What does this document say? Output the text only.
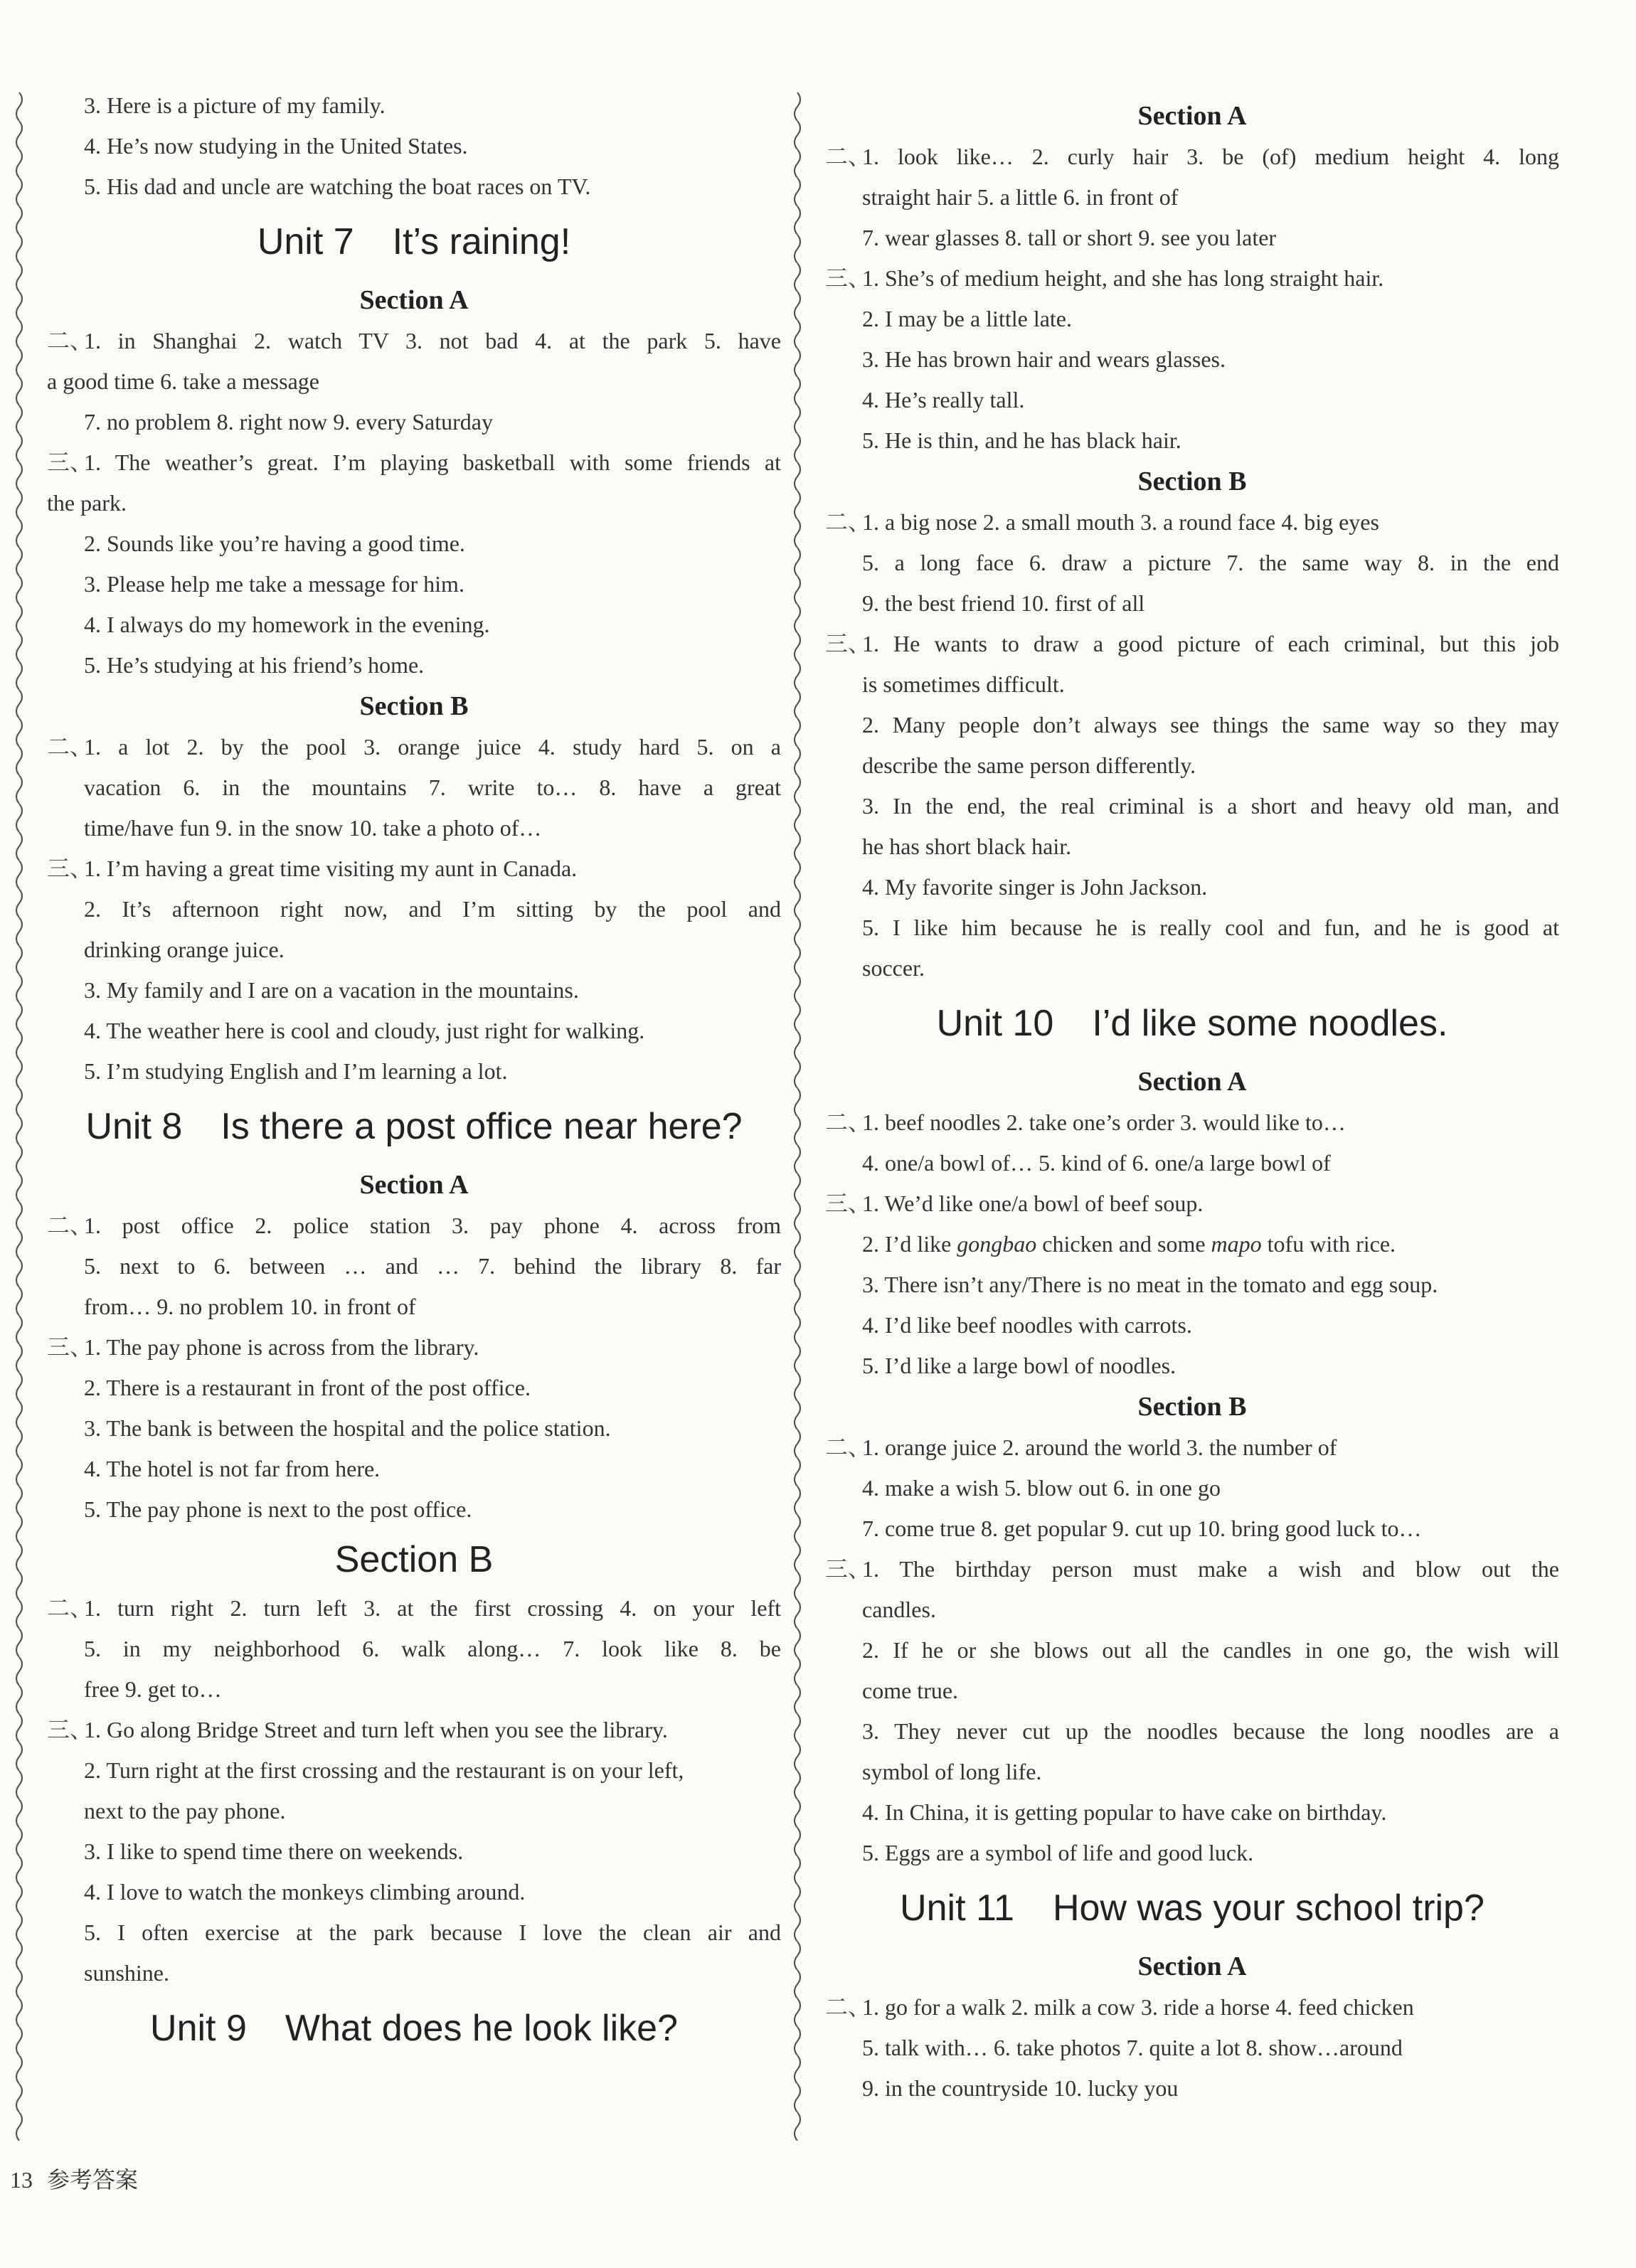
3. Here is a picture of my family.
4. He’s now studying in the United States.
5. His dad and uncle are watching the boat races on TV.
Unit 7 It’s raining!
Section A
二、1. in Shanghai 2. watch TV 3. not bad 4. at the park 5. have
a good time 6. take a message
7. no problem 8. right now 9. every Saturday
三、1. The weather’s great. I’m playing basketball with some friends at
the park.
2. Sounds like you’re having a good time.
3. Please help me take a message for him.
4. I always do my homework in the evening.
5. He’s studying at his friend’s home.
Section B
二、1. a lot 2. by the pool 3. orange juice 4. study hard 5. on a
vacation 6. in the mountains 7. write to… 8. have a great
time/have fun 9. in the snow 10. take a photo of…
三、1. I’m having a great time visiting my aunt in Canada.
2. It’s afternoon right now, and I’m sitting by the pool and
drinking orange juice.
3. My family and I are on a vacation in the mountains.
4. The weather here is cool and cloudy, just right for walking.
5. I’m studying English and I’m learning a lot.
Unit 8 Is there a post office near here?
Section A
二、1. post office 2. police station 3. pay phone 4. across from
5. next to 6. between … and … 7. behind the library 8. far
from… 9. no problem 10. in front of
三、1. The pay phone is across from the library.
2. There is a restaurant in front of the post office.
3. The bank is between the hospital and the police station.
4. The hotel is not far from here.
5. The pay phone is next to the post office.
Section B
二、1. turn right 2. turn left 3. at the first crossing 4. on your left
5. in my neighborhood 6. walk along… 7. look like 8. be
free 9. get to…
三、1. Go along Bridge Street and turn left when you see the library.
2. Turn right at the first crossing and the restaurant is on your left,
next to the pay phone.
3. I like to spend time there on weekends.
4. I love to watch the monkeys climbing around.
5. I often exercise at the park because I love the clean air and
sunshine.
Unit 9 What does he look like?
Section A
二、1. look like… 2. curly hair 3. be (of) medium height 4. long
straight hair 5. a little 6. in front of
7. wear glasses 8. tall or short 9. see you later
三、1. She’s of medium height, and she has long straight hair.
2. I may be a little late.
3. He has brown hair and wears glasses.
4. He’s really tall.
5. He is thin, and he has black hair.
Section B
二、1. a big nose 2. a small mouth 3. a round face 4. big eyes
5. a long face 6. draw a picture 7. the same way 8. in the end
9. the best friend 10. first of all
三、1. He wants to draw a good picture of each criminal, but this job
is sometimes difficult.
2. Many people don’t always see things the same way so they may
describe the same person differently.
3. In the end, the real criminal is a short and heavy old man, and
he has short black hair.
4. My favorite singer is John Jackson.
5. I like him because he is really cool and fun, and he is good at
soccer.
Unit 10 I’d like some noodles.
Section A
二、1. beef noodles 2. take one’s order 3. would like to…
4. one/a bowl of… 5. kind of 6. one/a large bowl of
三、1. We’d like one/a bowl of beef soup.
2. I’d like gongbao chicken and some mapo tofu with rice.
3. There isn’t any/There is no meat in the tomato and egg soup.
4. I’d like beef noodles with carrots.
5. I’d like a large bowl of noodles.
Section B
二、1. orange juice 2. around the world 3. the number of
4. make a wish 5. blow out 6. in one go
7. come true 8. get popular 9. cut up 10. bring good luck to…
三、1. The birthday person must make a wish and blow out the
candles.
2. If he or she blows out all the candles in one go, the wish will
come true.
3. They never cut up the noodles because the long noodles are a
symbol of long life.
4. In China, it is getting popular to have cake on birthday.
5. Eggs are a symbol of life and good luck.
Unit 11 How was your school trip?
Section A
二、1. go for a walk 2. milk a cow 3. ride a horse 4. feed chicken
5. talk with… 6. take photos 7. quite a lot 8. show…around
9. in the countryside 10. lucky you
13 参考答案
